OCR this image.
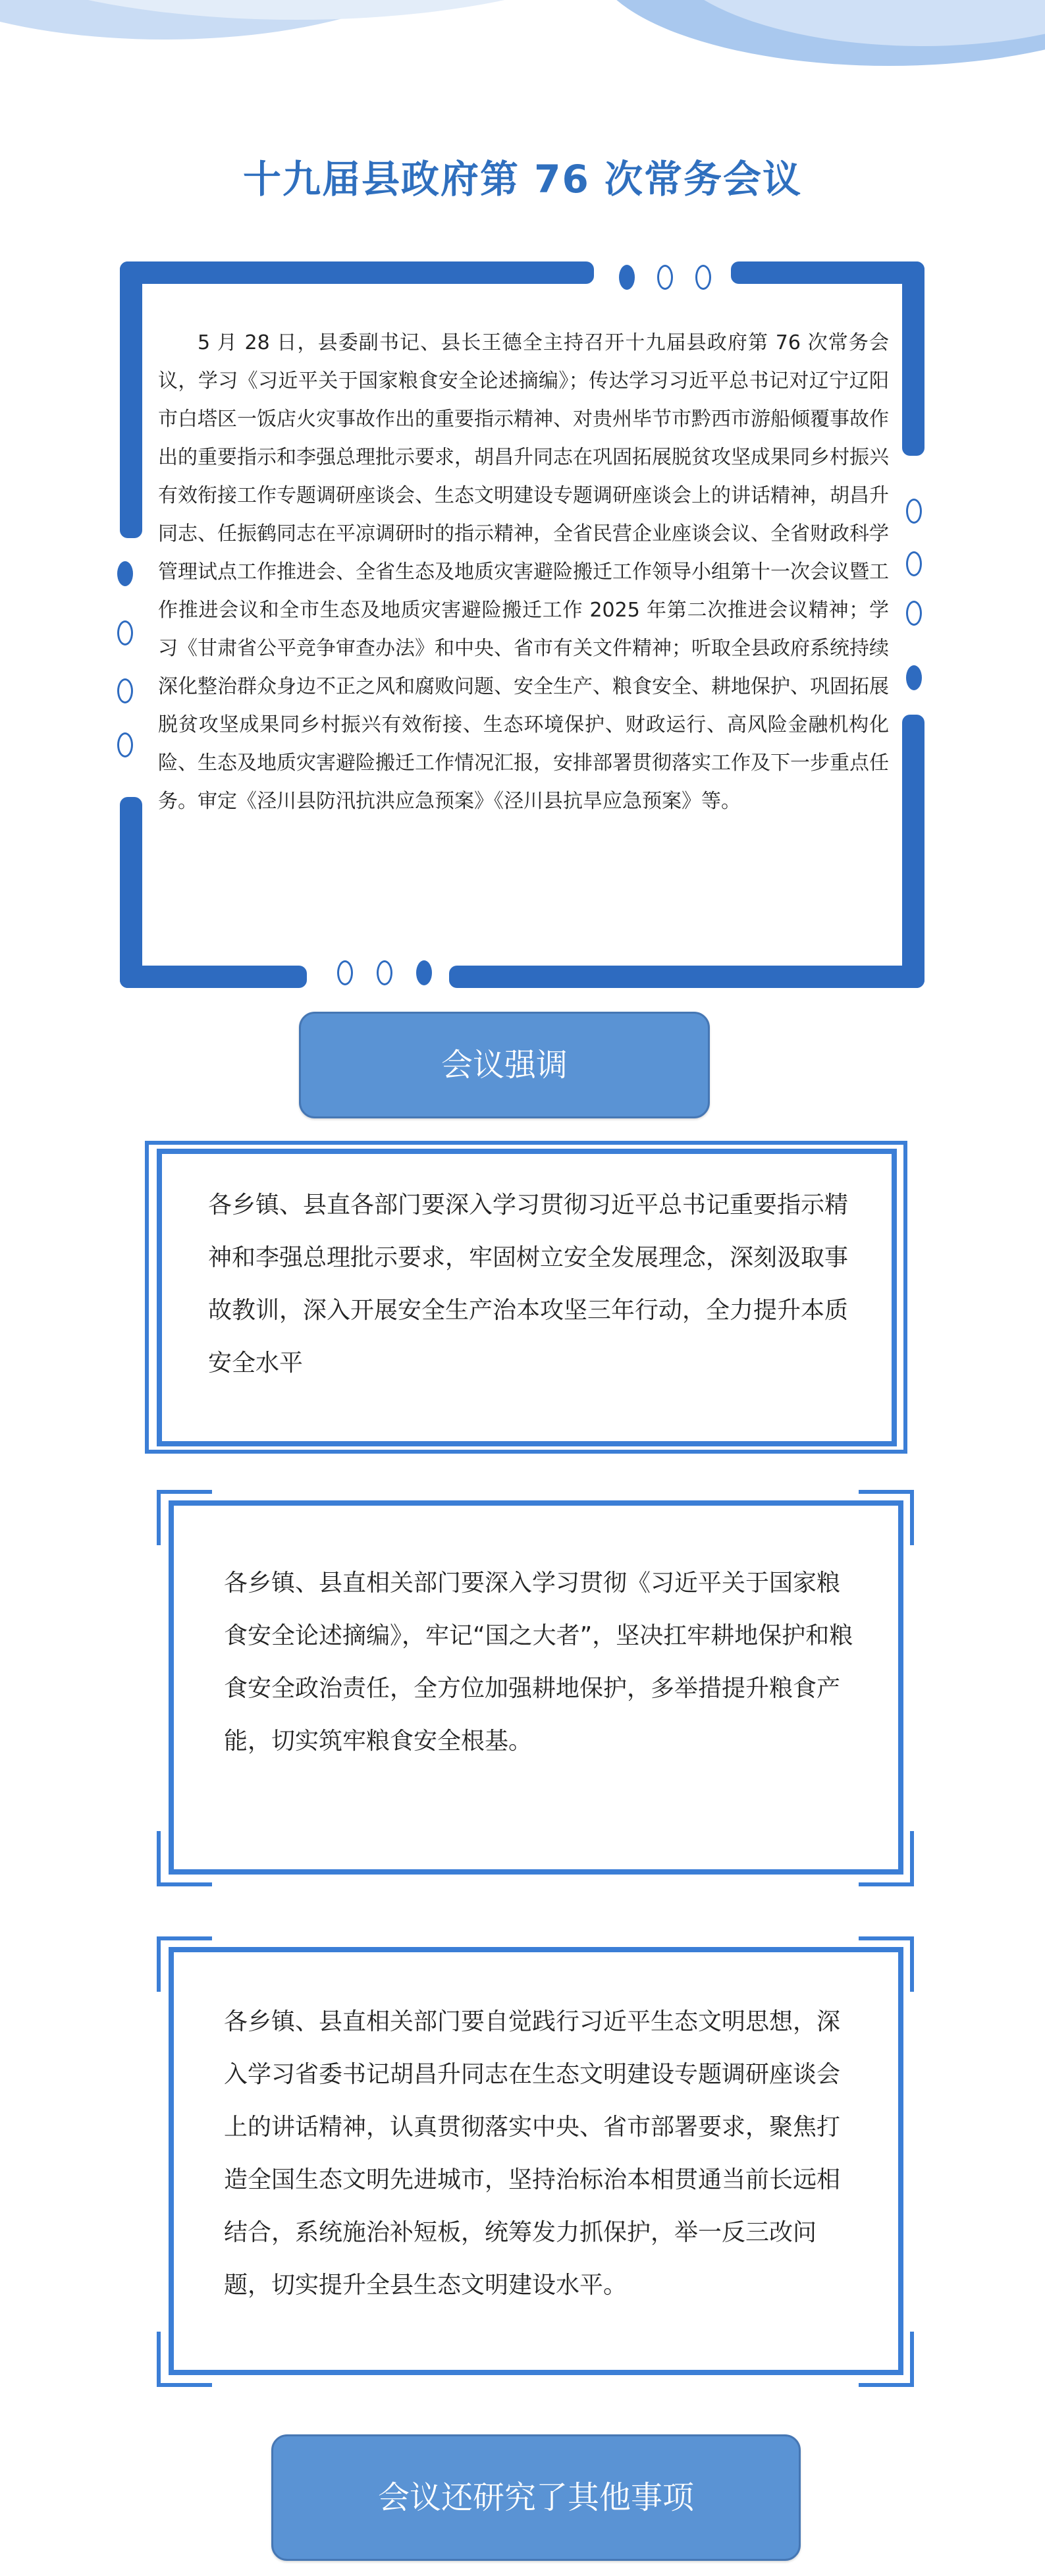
十九届县政府第 76 次常务会议
5 月 28 日，县委副书记、县长王德全主持召开十九届县政府第 76 次常务会议，学习《习近平关于国家粮食安全论述摘编》；传达学习习近平总书记对辽宁辽阳市白塔区一饭店火灾事故作出的重要指示精神、对贵州毕节市黔西市游船倾覆事故作出的重要指示和李强总理批示要求，胡昌升同志在巩固拓展脱贫攻坚成果同乡村振兴有效衔接工作专题调研座谈会、生态文明建设专题调研座谈会上的讲话精神，胡昌升同志、任振鹤同志在平凉调研时的指示精神，全省民营企业座谈会议、全省财政科学管理试点工作推进会、全省生态及地质灾害避险搬迁工作领导小组第十一次会议暨工作推进会议和全市生态及地质灾害避险搬迁工作 2025 年第二次推进会议精神；学习《甘肃省公平竞争审查办法》和中央、省市有关文件精神；听取全县政府系统持续深化整治群众身边不正之风和腐败问题、安全生产、粮食安全、耕地保护、巩固拓展脱贫攻坚成果同乡村振兴有效衔接、生态环境保护、财政运行、高风险金融机构化险、生态及地质灾害避险搬迁工作情况汇报，安排部署贯彻落实工作及下一步重点任务。审定《泾川县防汛抗洪应急预案》《泾川县抗旱应急预案》等。
会议强调
各乡镇、县直各部门要深入学习贯彻习近平总书记重要指示精神和李强总理批示要求，牢固树立安全发展理念，深刻汲取事故教训，深入开展安全生产治本攻坚三年行动，全力提升本质安全水平
各乡镇、县直相关部门要深入学习贯彻《习近平关于国家粮食安全论述摘编》，牢记“国之大者”，坚决扛牢耕地保护和粮食安全政治责任，全方位加强耕地保护，多举措提升粮食产能，切实筑牢粮食安全根基。
各乡镇、县直相关部门要自觉践行习近平生态文明思想，深入学习省委书记胡昌升同志在生态文明建设专题调研座谈会上的讲话精神，认真贯彻落实中央、省市部署要求，聚焦打造全国生态文明先进城市，坚持治标治本相贯通当前长远相结合，系统施治补短板，统筹发力抓保护，举一反三改问题，切实提升全县生态文明建设水平。
会议还研究了其他事项
